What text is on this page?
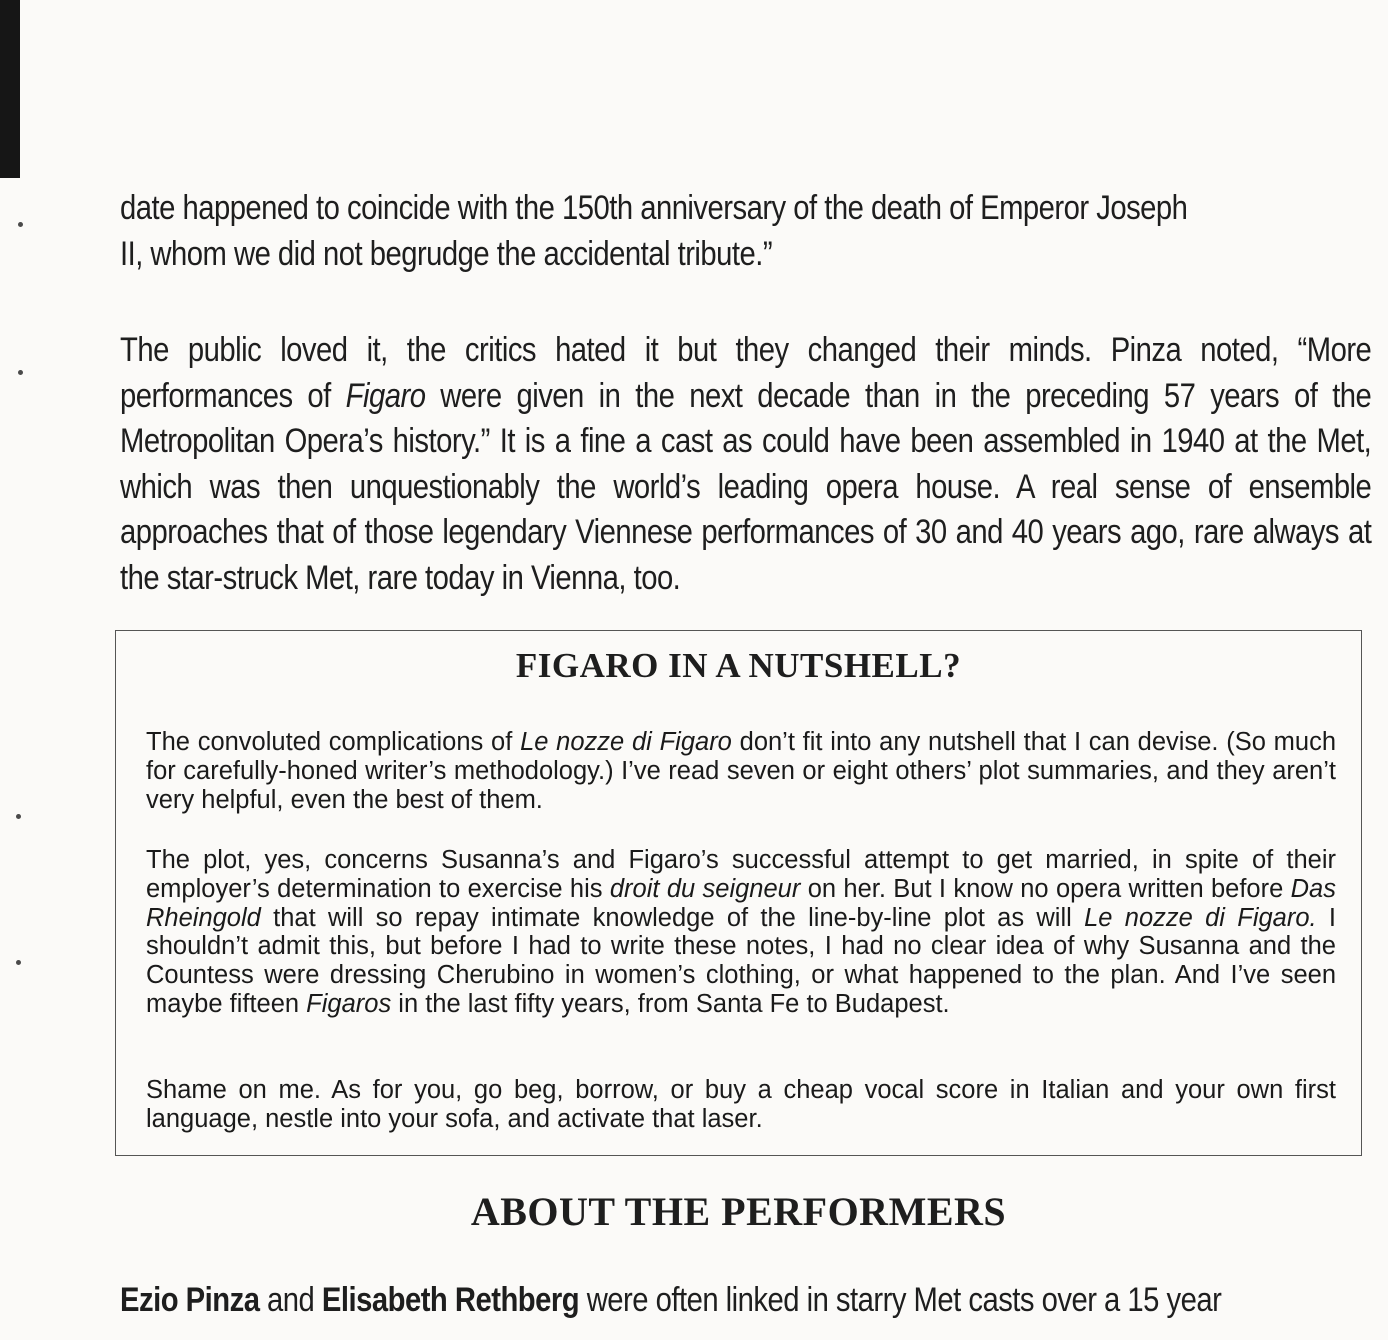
date happened to coincide with the 150th anniversary of the death of Emperor Joseph
II, whom we did not begrudge the accidental tribute.”
The public loved it, the critics hated it but they changed their minds. Pinza noted, “More performances of Figaro were given in the next decade than in the preceding 57 years of the Metropolitan Opera’s history.” It is a fine a cast as could have been assembled in 1940 at the Met, which was then unquestionably the world’s leading opera house. A real sense of ensemble approaches that of those legendary Viennese performances of 30 and 40 years ago, rare always at the star-struck Met, rare today in Vienna, too.
FIGARO IN A NUTSHELL?
The convoluted complications of Le nozze di Figaro don’t fit into any nutshell that I can devise. (So much for carefully-honed writer’s methodology.) I’ve read seven or eight others’ plot summaries, and they aren’t very helpful, even the best of them.
The plot, yes, concerns Susanna’s and Figaro’s successful attempt to get married, in spite of their employer’s determination to exercise his droit du seigneur on her. But I know no opera written before Das Rheingold that will so repay intimate knowledge of the line-by-line plot as will Le nozze di Figaro. I shouldn’t admit this, but before I had to write these notes, I had no clear idea of why Susanna and the Countess were dressing Cherubino in women’s clothing, or what happened to the plan. And I’ve seen maybe fifteen Figaros in the last fifty years, from Santa Fe to Budapest.
Shame on me. As for you, go beg, borrow, or buy a cheap vocal score in Italian and your own first language, nestle into your sofa, and activate that laser.
ABOUT THE PERFORMERS
Ezio Pinza and Elisabeth Rethberg were often linked in starry Met casts over a 15 year
